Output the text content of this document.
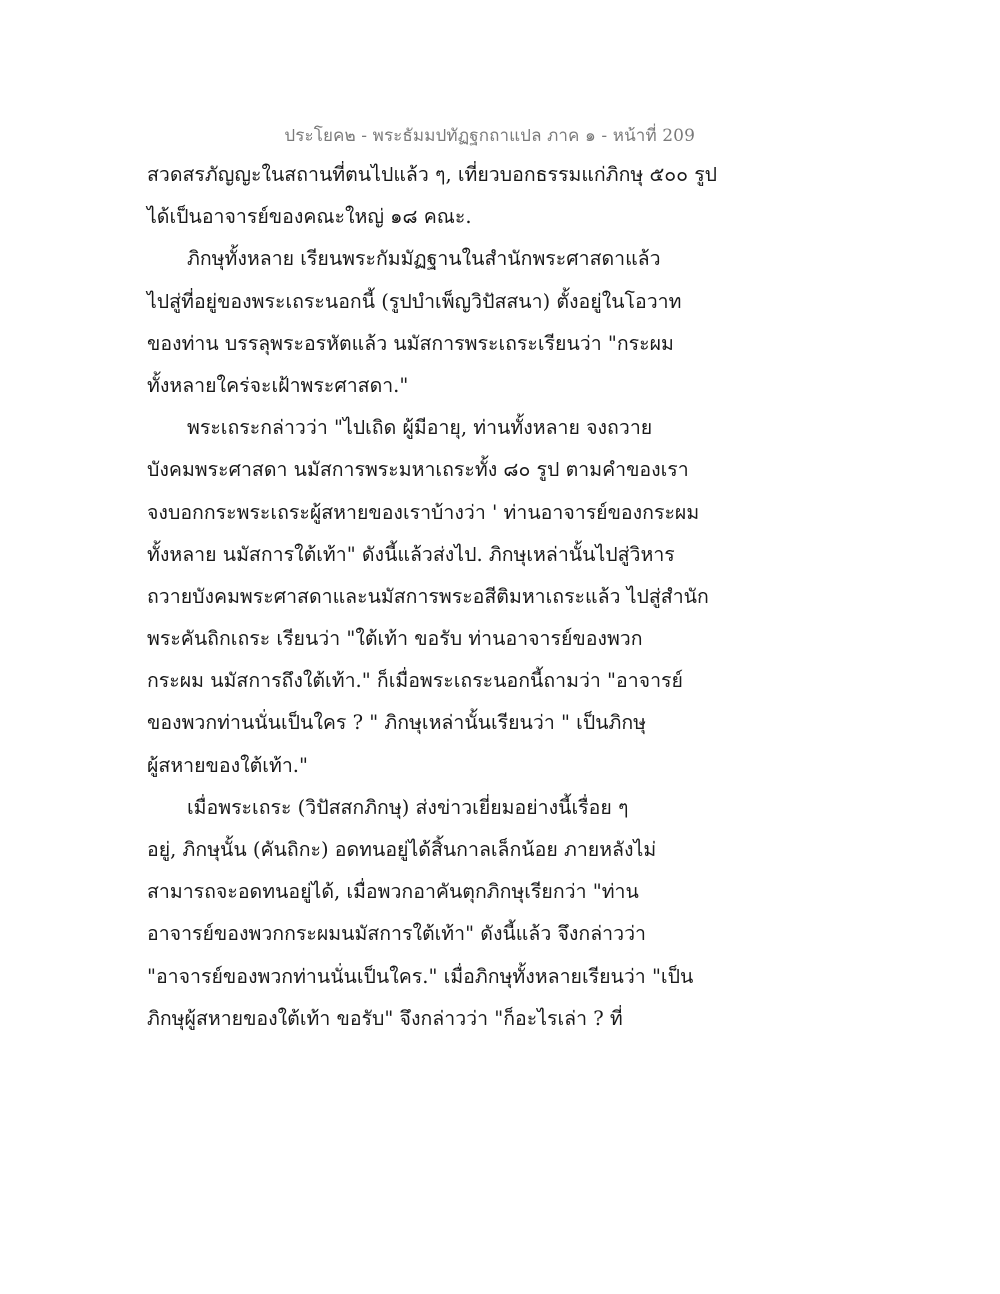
ประโยค๒ - พระธัมมปทัฏฐกถาแปล ภาค ๑ - หน้าที่ 209
สวดสรภัญญะในสถานที่ตนไปแล้ว ๆ, เที่ยวบอกธรรมแก่ภิกษุ ๕๐๐ รูป
ได้เป็นอาจารย์ของคณะใหญ่ ๑๘ คณะ.
ภิกษุทั้งหลาย เรียนพระกัมมัฏฐานในสำนักพระศาสดาแล้ว
ไปสู่ที่อยู่ของพระเถระนอกนี้ (รูปบำเพ็ญวิปัสสนา) ตั้งอยู่ในโอวาท
ของท่าน บรรลุพระอรหัตแล้ว นมัสการพระเถระเรียนว่า "กระผม
ทั้งหลายใคร่จะเฝ้าพระศาสดา."
พระเถระกล่าวว่า "ไปเถิด ผู้มีอายุ, ท่านทั้งหลาย จงถวาย
บังคมพระศาสดา นมัสการพระมหาเถระทั้ง ๘๐ รูป ตามคำของเรา
จงบอกกระพระเถระผู้สหายของเราบ้างว่า ' ท่านอาจารย์ของกระผม
ทั้งหลาย นมัสการใต้เท้า" ดังนี้แล้วส่งไป. ภิกษุเหล่านั้นไปสู่วิหาร
ถวายบังคมพระศาสดาและนมัสการพระอสีติมหาเถระแล้ว ไปสู่สำนัก
พระคันถิกเถระ เรียนว่า "ใต้เท้า ขอรับ ท่านอาจารย์ของพวก
กระผม นมัสการถึงใต้เท้า." ก็เมื่อพระเถระนอกนี้ถามว่า "อาจารย์
ของพวกท่านนั่นเป็นใคร ? " ภิกษุเหล่านั้นเรียนว่า " เป็นภิกษุ
ผู้สหายของใต้เท้า."
เมื่อพระเถระ (วิปัสสกภิกษุ) ส่งข่าวเยี่ยมอย่างนี้เรื่อย ๆ
อยู่, ภิกษุนั้น (คันถิกะ) อดทนอยู่ได้สิ้นกาลเล็กน้อย ภายหลังไม่
สามารถจะอดทนอยู่ได้, เมื่อพวกอาคันตุกภิกษุเรียกว่า "ท่าน
อาจารย์ของพวกกระผมนมัสการใต้เท้า" ดังนี้แล้ว จึงกล่าวว่า
"อาจารย์ของพวกท่านนั่นเป็นใคร." เมื่อภิกษุทั้งหลายเรียนว่า "เป็น
ภิกษุผู้สหายของใต้เท้า ขอรับ" จึงกล่าวว่า "ก็อะไรเล่า ? ที่
